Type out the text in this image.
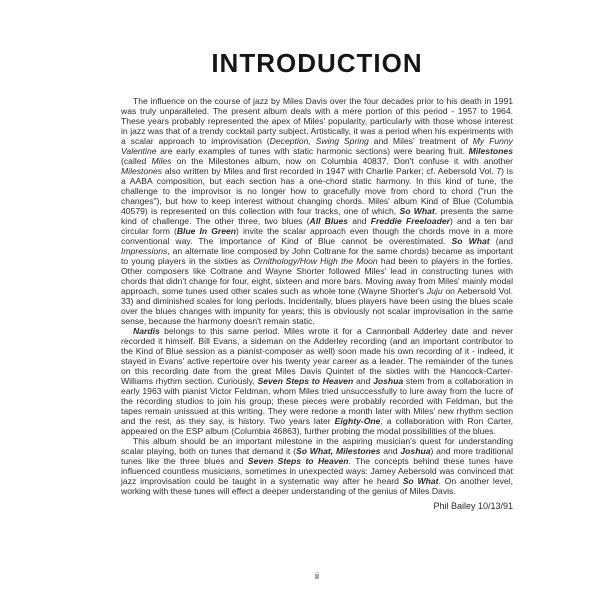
INTRODUCTION

The influence on the course of jazz by Miles Davis over the four decades prior to his death in 1991 was truly unparalleled. The present album deals with a mere portion of this period - 1957 to 1964. These years probably represented the apex of Miles' popularity, particularly with those whose interest in jazz was that of a trendy cocktail party subject. Artistically, it was a period when his experiments with a scalar approach to improvisation (Deception, Swing Spring and Miles' treatment of My Funny Valentine are early examples of tunes with static harmonic sections) were bearing fruit. Milestones (called Miles on the Milestones album, now on Columbia 40837. Don't confuse it with another Milestones also written by Miles and first recorded in 1947 with Charlie Parker; cf. Aebersold Vol. 7) is a AABA composition, but each section has a one-chord static harmony. In this kind of tune, the challenge to the improvisor is no longer how to gracefully move from chord to chord ("run the changes"), but how to keep interest without changing chords. Miles' album Kind of Blue (Columbia 40579) is represented on this collection with four tracks, one of which, So What, presents the same kind of challenge. The other three, two blues (All Blues and Freddie Freeloader) and a ten bar circular form (Blue In Green) invite the scalar approach even though the chords move in a more conventional way. The importance of Kind of Blue cannot be overestimated. So What (and Impressions, an alternate line composed by John Coltrane for the same chords) became as important to young players in the sixties as Ornithology/How High the Moon had been to players in the forties. Other composers like Coltrane and Wayne Shorter followed Miles' lead in constructing tunes with chords that didn't change for four, eight, sixteen and more bars. Moving away from Miles' mainly modal approach, some tunes used other scales such as whole tone (Wayne Shorter's Juju on Aebersold Vol. 33) and diminished scales for long periods. Incidentally, blues players have been using the blues scale over the blues changes with impunity for years; this is obviously not scalar improvisation in the same sense, because the harmony doesn't remain static.

Nardis belongs to this same period. Miles wrote it for a Cannonball Adderley date and never recorded it himself. Bill Evans, a sideman on the Adderley recording (and an important contributor to the Kind of Blue session as a pianist-composer as well) soon made his own recording of it - indeed, it stayed in Evans' active repertoire over his twenty year career as a leader. The remainder of the tunes on this recording date from the great Miles Davis Quintet of the sixties with the Hancock-Carter-Williams rhythm section. Curiously, Seven Steps to Heaven and Joshua stem from a collaboration in early 1963 with pianist Victor Feldman, whom Miles tried unsuccessfully to lure away from the lucre of the recording studios to join his group; these pieces were probably recorded with Feldman, but the tapes remain unissued at this writing. They were redone a month later with Miles' new rhythm section and the rest, as they say, is history. Two years later Eighty-One, a collaboration with Ron Carter, appeared on the ESP album (Columbia 46863), further probing the modal possibilities of the blues.

This album should be an important milestone in the aspiring musician's quest for understanding scalar playing, both on tunes that demand it (So What, Milestones and Joshua) and more traditional tunes like the three blues and Seven Steps to Heaven. The concepts behind these tunes have influenced countless musicians, sometimes in unexpected ways: Jamey Aebersold was convinced that jazz improvisation could be taught in a systematic way after he heard So What. On another level, working with these tunes will effect a deeper understanding of the genius of Miles Davis.

Phil Bailey 10/13/91
ii
